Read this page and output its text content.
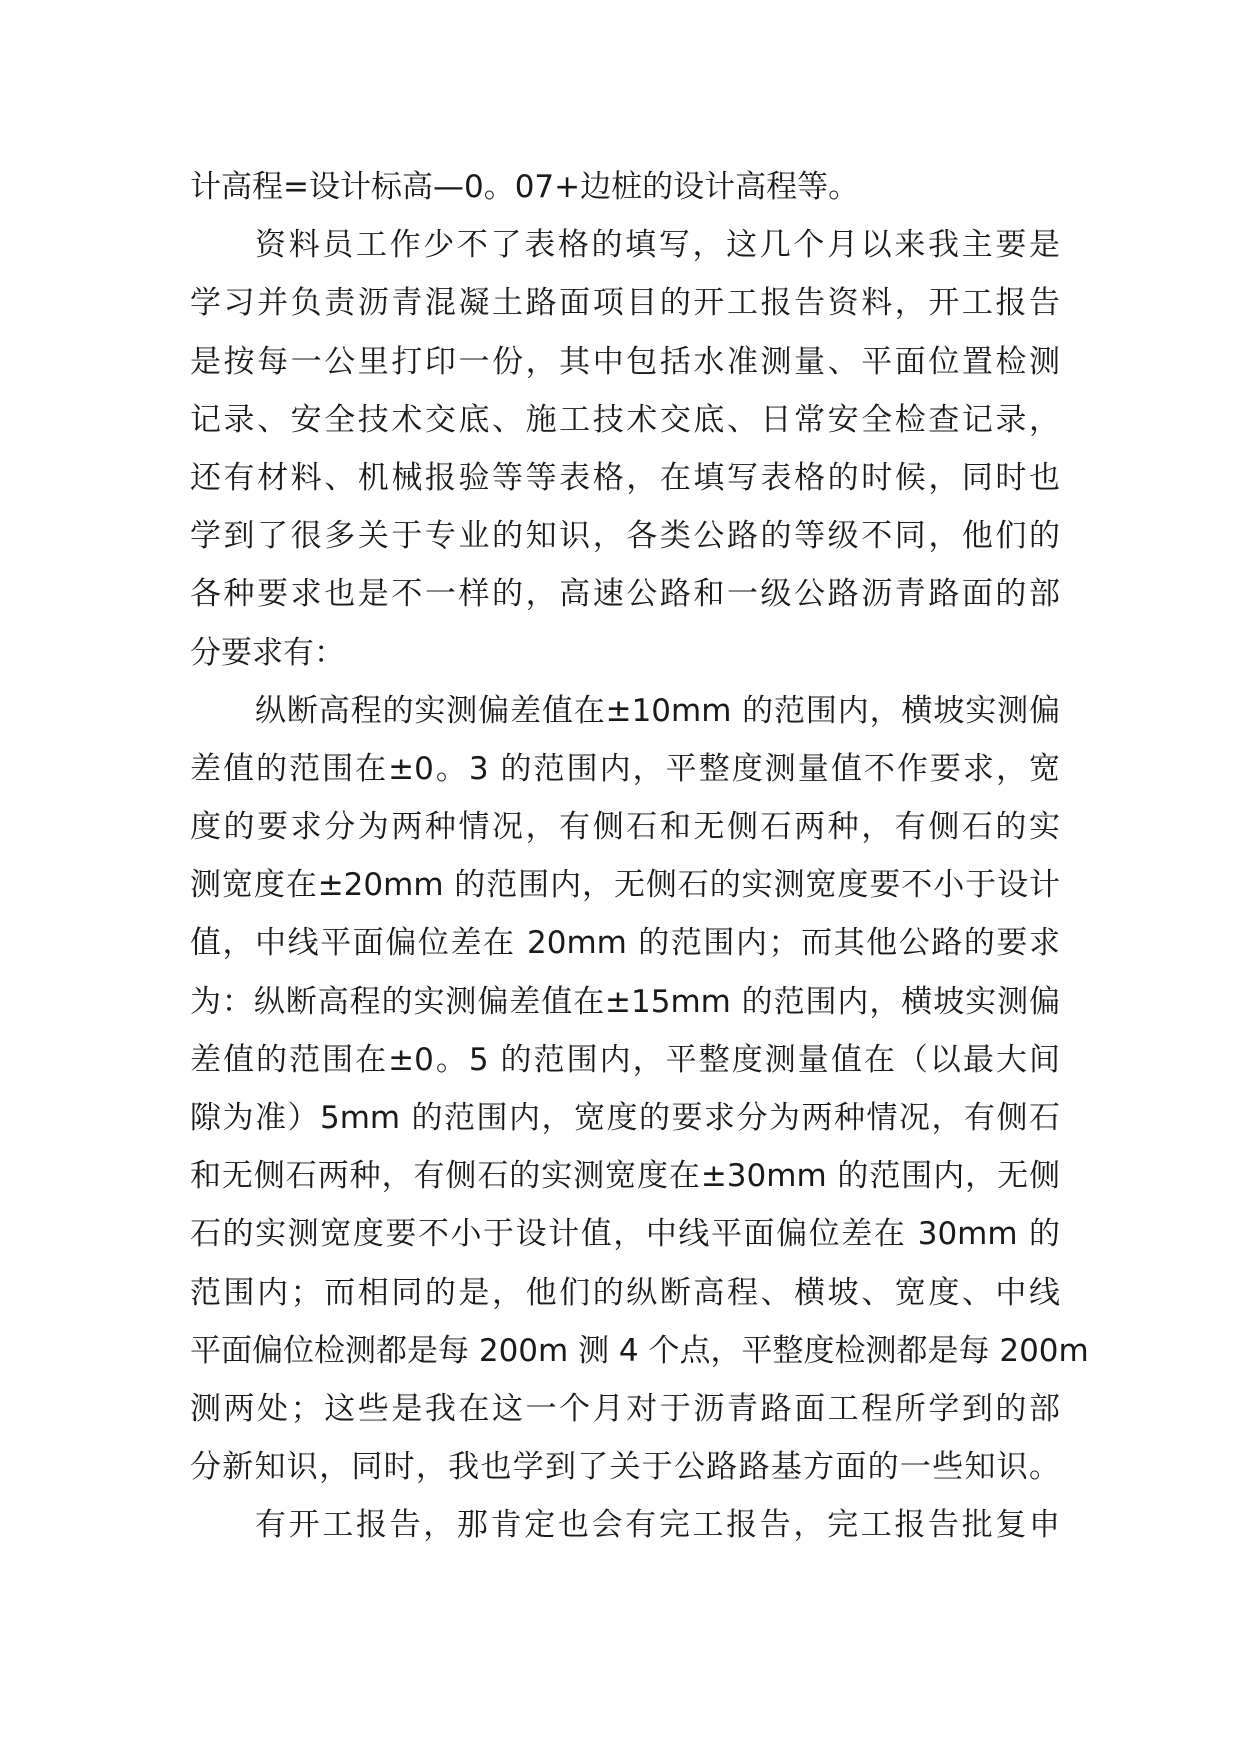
计高程=设计标高—0。07+边桩的设计高程等。
资料员工作少不了表格的填写，这几个月以来我主要是
学习并负责沥青混凝土路面项目的开工报告资料，开工报告
是按每一公里打印一份，其中包括水准测量、平面位置检测
记录、安全技术交底、施工技术交底、日常安全检查记录，
还有材料、机械报验等等表格，在填写表格的时候，同时也
学到了很多关于专业的知识，各类公路的等级不同，他们的
各种要求也是不一样的，高速公路和一级公路沥青路面的部
分要求有：
纵断高程的实测偏差值在±10mm 的范围内，横坡实测偏
差值的范围在±0。3 的范围内，平整度测量值不作要求，宽
度的要求分为两种情况，有侧石和无侧石两种，有侧石的实
测宽度在±20mm 的范围内，无侧石的实测宽度要不小于设计
值，中线平面偏位差在 20mm 的范围内；而其他公路的要求
为：纵断高程的实测偏差值在±15mm 的范围内，横坡实测偏
差值的范围在±0。5 的范围内，平整度测量值在（以最大间
隙为准）5mm 的范围内，宽度的要求分为两种情况，有侧石
和无侧石两种，有侧石的实测宽度在±30mm 的范围内，无侧
石的实测宽度要不小于设计值，中线平面偏位差在 30mm 的
范围内；而相同的是，他们的纵断高程、横坡、宽度、中线
平面偏位检测都是每 200m 测 4 个点，平整度检测都是每 200m
测两处；这些是我在这一个月对于沥青路面工程所学到的部
分新知识，同时，我也学到了关于公路路基方面的一些知识。
有开工报告，那肯定也会有完工报告，完工报告批复申
